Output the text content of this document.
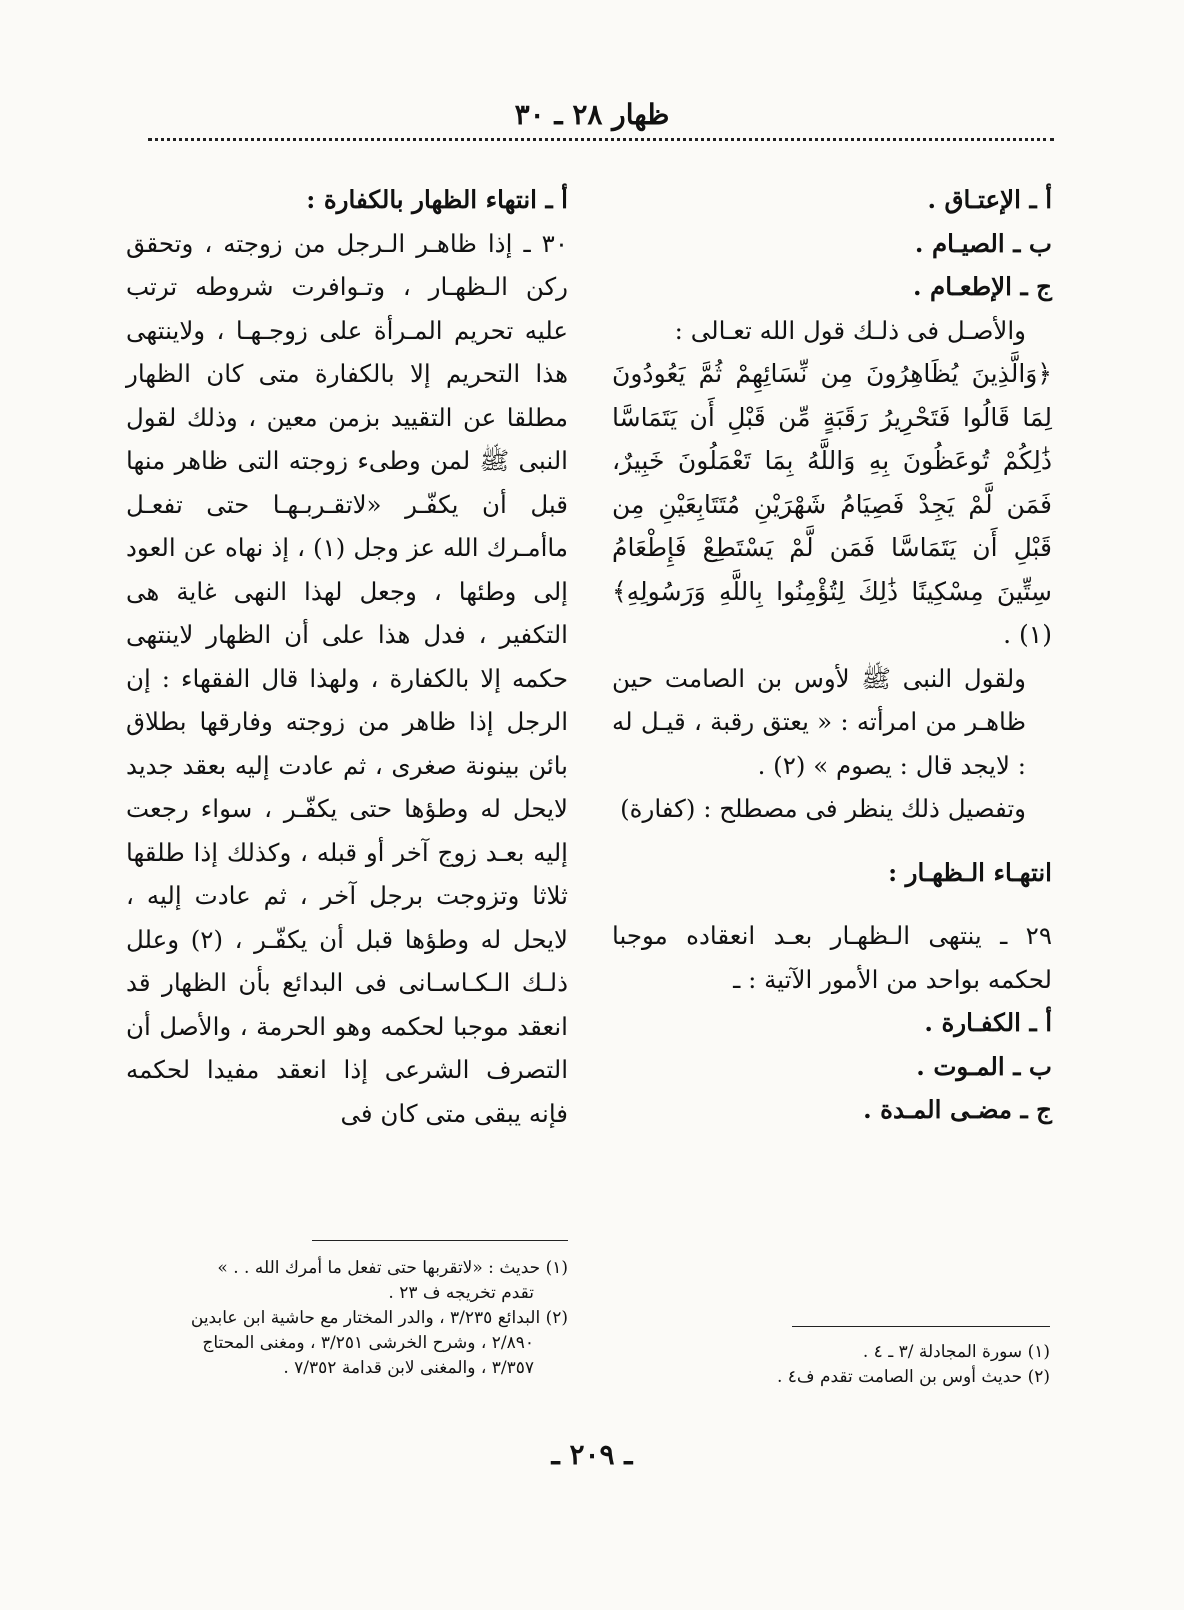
ظهار ٢٨ ـ ٣٠

أ ـ الإعتـاق .

ب ـ الصيـام .

ج ـ الإطعـام .

والأصـل فى ذلـك قول الله تعـالى :

﴿وَالَّذِينَ يُظَاهِرُونَ مِن نِّسَائِهِمْ ثُمَّ يَعُودُونَ لِمَا قَالُوا فَتَحْرِيرُ رَقَبَةٍ مِّن قَبْلِ أَن يَتَمَاسَّا ذَٰلِكُمْ تُوعَظُونَ بِهِ وَاللَّهُ بِمَا تَعْمَلُونَ خَبِيرٌ، فَمَن لَّمْ يَجِدْ فَصِيَامُ شَهْرَيْنِ مُتَتَابِعَيْنِ مِن قَبْلِ أَن يَتَمَاسَّا فَمَن لَّمْ يَسْتَطِعْ فَإِطْعَامُ سِتِّينَ مِسْكِينًا ذَٰلِكَ لِتُؤْمِنُوا بِاللَّهِ وَرَسُولِهِ﴾ (١) .

ولقول النبى ﷺ لأوس بن الصامت حين ظاهـر من امرأته : « يعتق رقبة ، قيـل له : لايجد قال : يصوم » (٢) .

وتفصيل ذلك ينظر فى مصطلح : (كفارة)

انتهـاء الـظهـار :

٢٩ ـ ينتهى الـظهـار بعـد انعقاده موجبا لحكمه بواحد من الأمور الآتية : ـ

أ ـ الكفـارة .

ب ـ المـوت .

ج ـ مضـى المـدة .

أ ـ انتهاء الظهار بالكفارة :

٣٠ ـ إذا ظاهـر الـرجل من زوجته ، وتحقق ركن الـظهـار ، وتـوافرت شروطه ترتب عليه تحريم المـرأة على زوجـهـا ، ولاينتهى هذا التحريم إلا بالكفارة متى كان الظهار مطلقا عن التقييد بزمن معين ، وذلك لقول النبى ﷺ لمن وطىء زوجته التى ظاهر منها قبل أن يكفّـر «لاتقـربـهـا حتى تفعـل ماأمـرك الله عز وجل (١) ، إذ نهاه عن العود إلى وطئها ، وجعل لهذا النهى غاية هى التكفير ، فدل هذا على أن الظهار لاينتهى حكمه إلا بالكفارة ، ولهذا قال الفقهاء : إن الرجل إذا ظاهر من زوجته وفارقها بطلاق بائن بينونة صغرى ، ثم عادت إليه بعقد جديد لايحل له وطؤها حتى يكفّـر ، سواء رجعت إليه بعـد زوج آخر أو قبله ، وكذلك إذا طلقها ثلاثا وتزوجت برجل آخر ، ثم عادت إليه ، لايحل له وطؤها قبل أن يكفّـر ، (٢) وعلل ذلـك الـكـاسـانى فى البدائع بأن الظهار قد انعقد موجبا لحكمه وهو الحرمة ، والأصل أن التصرف الشرعى إذا انعقد مفيدا لحكمه فإنه يبقى متى كان فى

(١) سورة المجادلة /٣ ـ ٤ .

(٢) حديث أوس بن الصامت تقدم ف٤ .

(١) حديث : «لاتقربها حتى تفعل ما أمرك الله . . »

تقدم تخريجه ف ٢٣ .

(٢) البدائع ٣/٢٣٥ ، والدر المختار مع حاشية ابن عابدين

٢/٨٩٠ ، وشرح الخرشى ٣/٢٥١ ، ومغنى المحتاج

٣/٣٥٧ ، والمغنى لابن قدامة ٧/٣٥٢ .

ـ ٢٠٩ ـ
